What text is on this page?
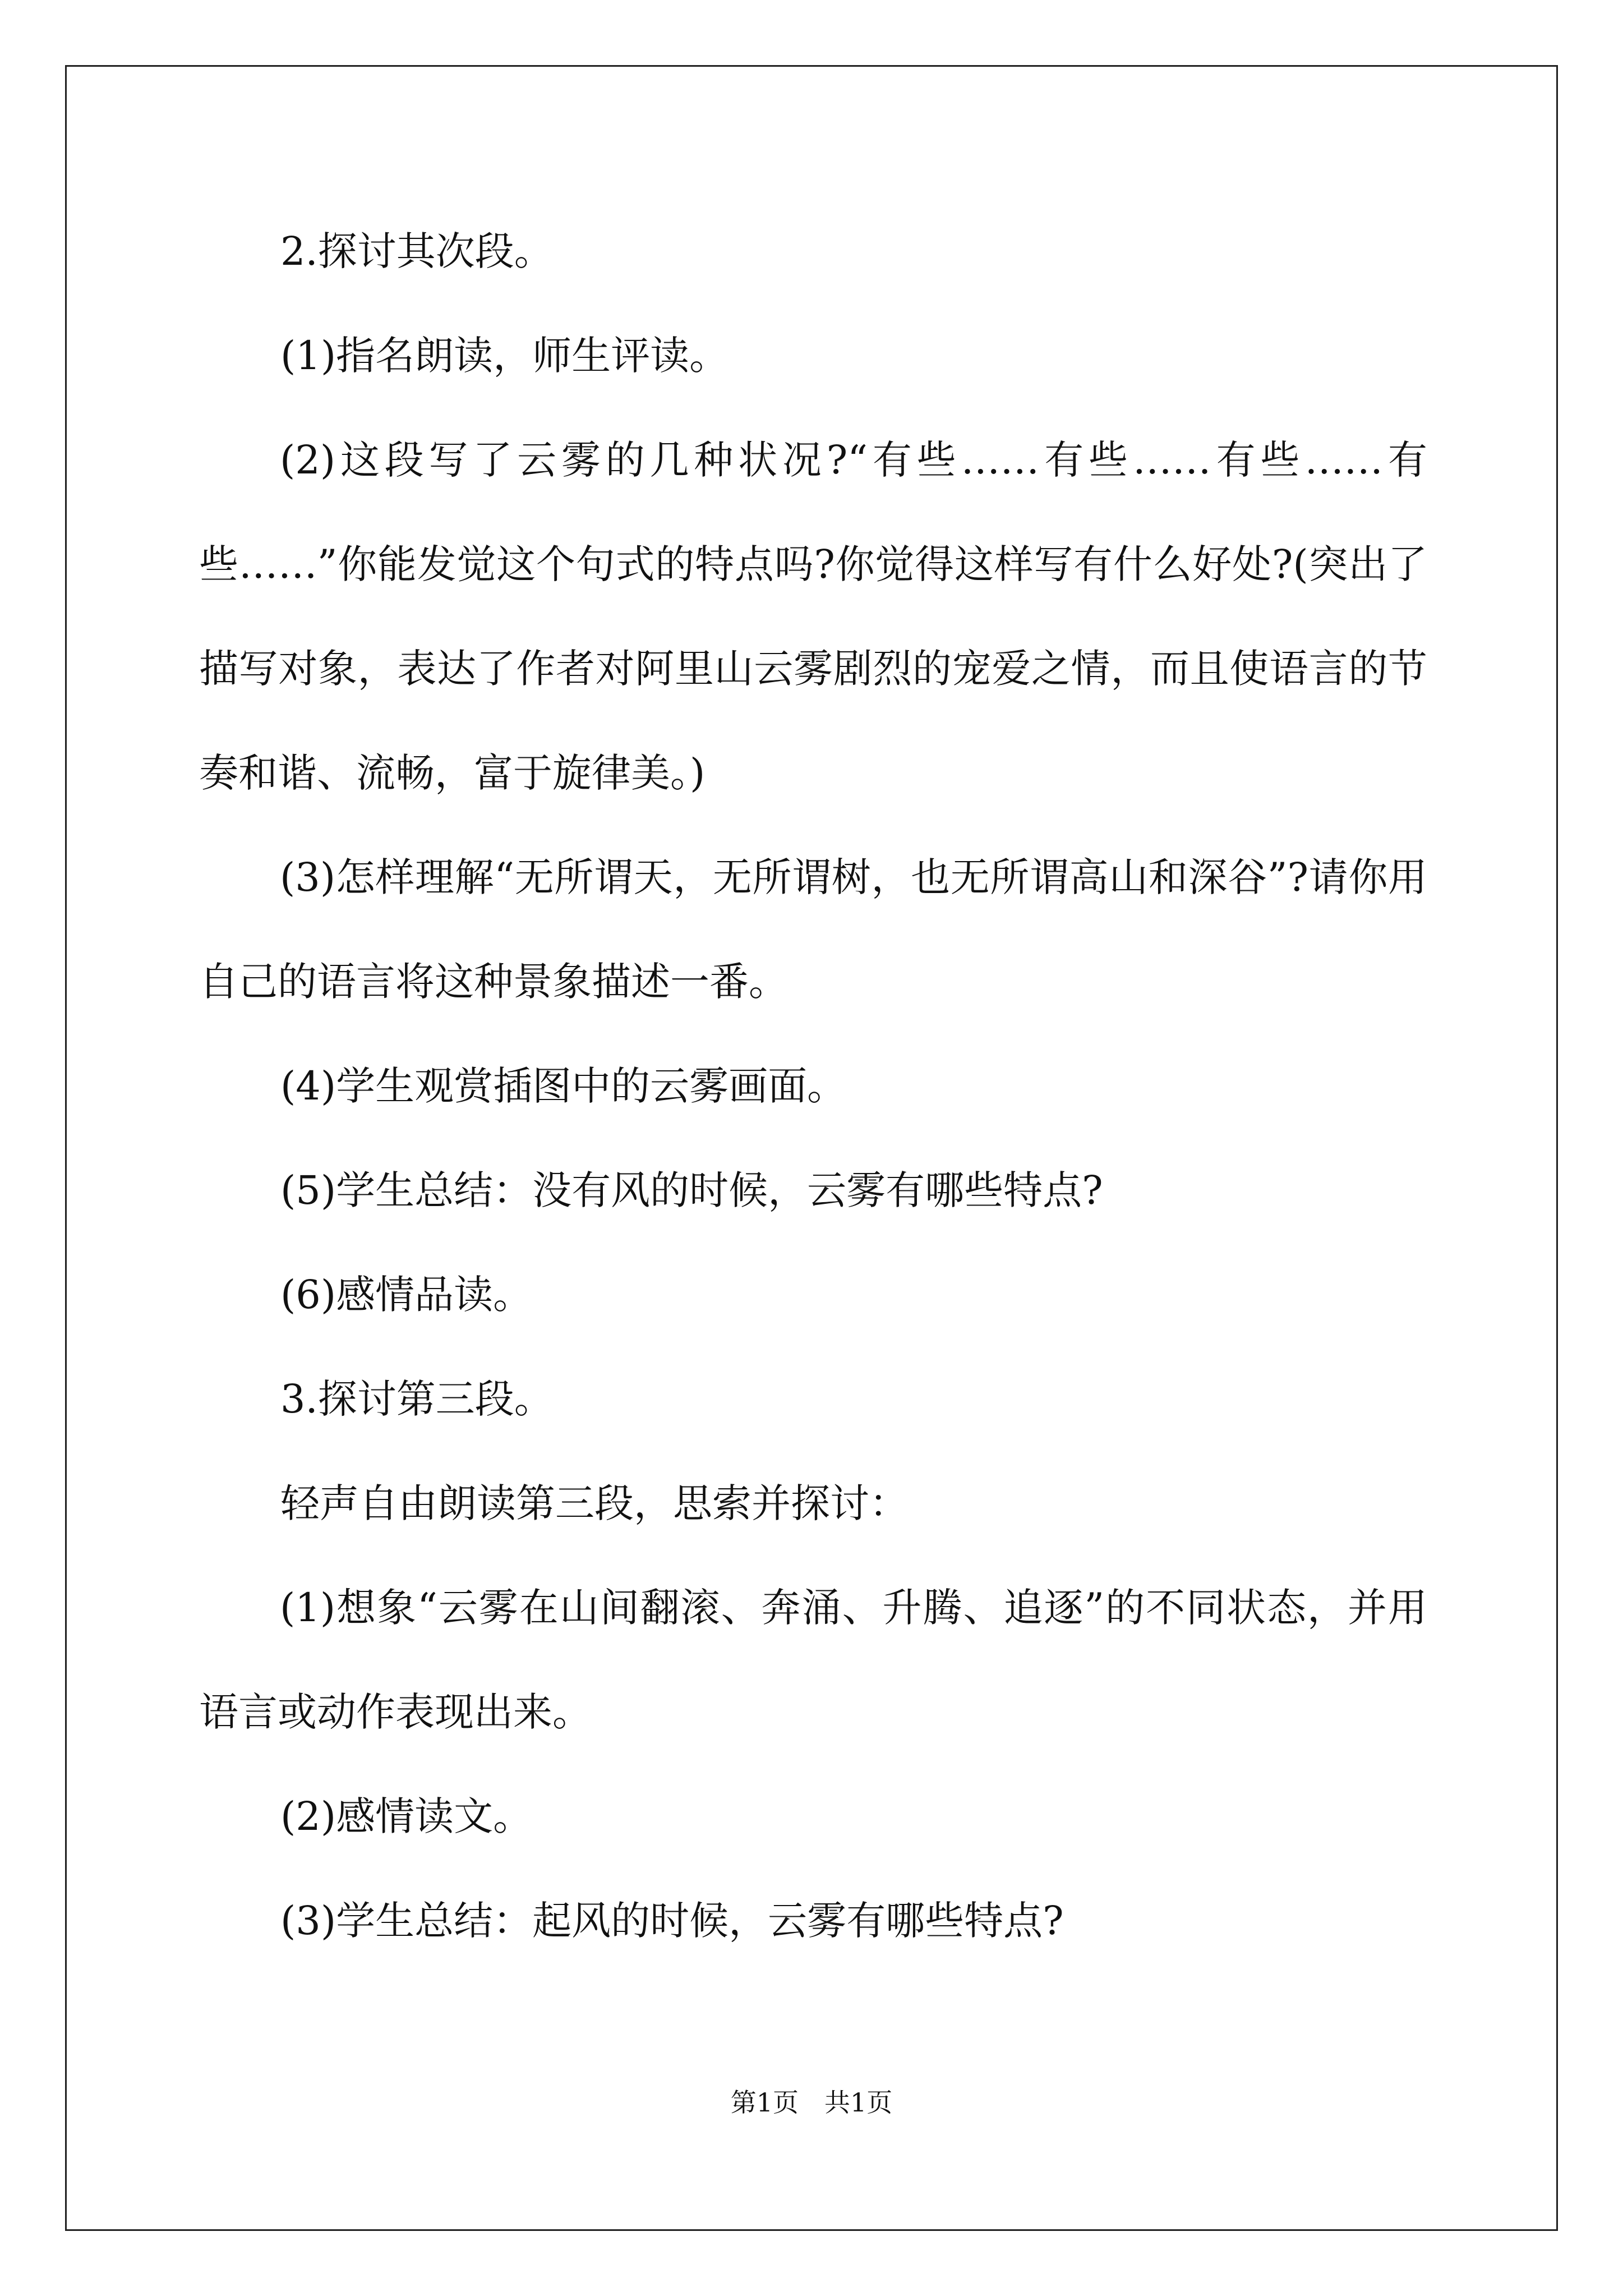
2.探讨其次段。

(1)指名朗读，师生评读。

(2)这段写了云雾的几种状况?“有些……有些……有些……有些……”你能发觉这个句式的特点吗?你觉得这样写有什么好处?(突出了描写对象，表达了作者对阿里山云雾剧烈的宠爱之情，而且使语言的节奏和谐、流畅，富于旋律美。)

(3)怎样理解“无所谓天，无所谓树，也无所谓高山和深谷”?请你用自己的语言将这种景象描述一番。

(4)学生观赏插图中的云雾画面。

(5)学生总结：没有风的时候，云雾有哪些特点?

(6)感情品读。

3.探讨第三段。

轻声自由朗读第三段，思索并探讨：

(1)想象“云雾在山间翻滚、奔涌、升腾、追逐”的不同状态，并用语言或动作表现出来。

(2)感情读文。

(3)学生总结：起风的时候，云雾有哪些特点?

第1页　共1页
